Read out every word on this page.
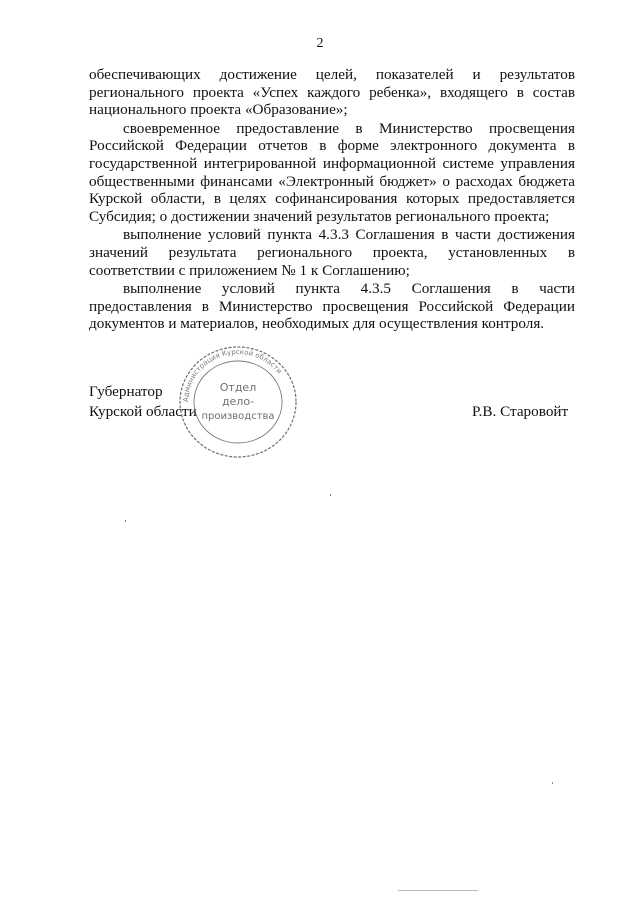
2

обеспечивающих достижение целей, показателей и результатов регионального проекта «Успех каждого ребенка», входящего в состав национального проекта «Образование»;

своевременное предоставление в Министерство просвещения Российской Федерации отчетов в форме электронного документа в государственной интегрированной информационной системе управления общественными финансами «Электронный бюджет» о расходах бюджета Курской области, в целях софинансирования которых предоставляется Субсидия; о достижении значений результатов регионального проекта;

выполнение условий пункта 4.3.3 Соглашения в части достижения значений результата регионального проекта, установленных в соответствии с приложением № 1 к Соглашению;

выполнение условий пункта 4.3.5 Соглашения в части предоставления в Министерство просвещения Российской Федерации документов и материалов, необходимых для осуществления контроля.

Губернатор
Курской области	Р.В. Старовойт
Администрация Курской области
Отдел
дело-
производства
